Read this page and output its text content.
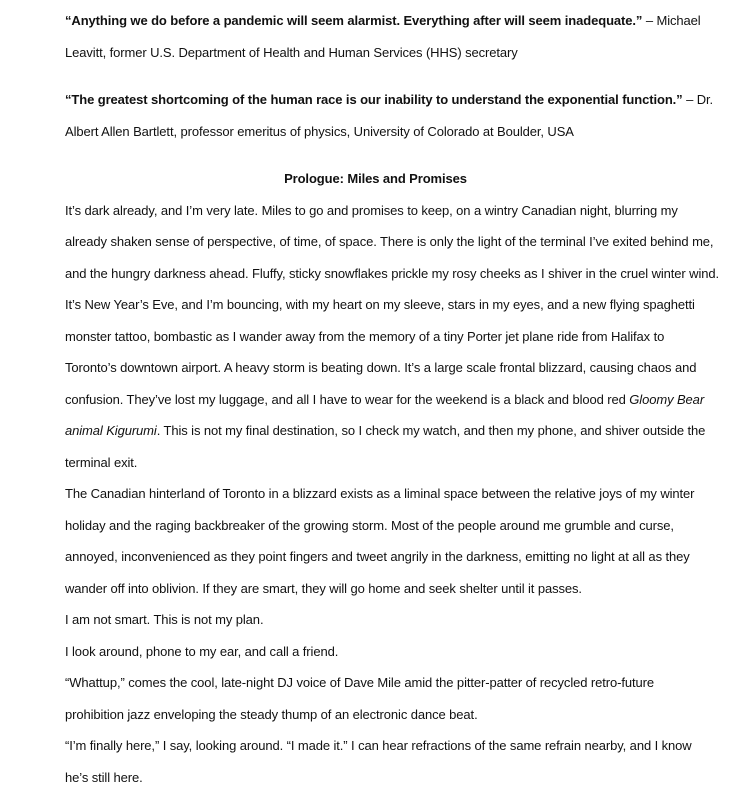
“Anything we do before a pandemic will seem alarmist. Everything after will seem inadequate.” – Michael
Leavitt, former U.S. Department of Health and Human Services (HHS) secretary
“The greatest shortcoming of the human race is our inability to understand the exponential function.” – Dr.
Albert Allen Bartlett, professor emeritus of physics, University of Colorado at Boulder, USA
Prologue: Miles and Promises
It’s dark already, and I’m very late. Miles to go and promises to keep, on a wintry Canadian night, blurring my
already shaken sense of perspective, of time, of space. There is only the light of the terminal I’ve exited behind me,
and the hungry darkness ahead. Fluffy, sticky snowflakes prickle my rosy cheeks as I shiver in the cruel winter wind.
It’s New Year’s Eve, and I’m bouncing, with my heart on my sleeve, stars in my eyes, and a new flying spaghetti
monster tattoo, bombastic as I wander away from the memory of a tiny Porter jet plane ride from Halifax to
Toronto’s downtown airport. A heavy storm is beating down. It’s a large scale frontal blizzard, causing chaos and
confusion. They’ve lost my luggage, and all I have to wear for the weekend is a black and blood red Gloomy Bear
animal Kigurumi. This is not my final destination, so I check my watch, and then my phone, and shiver outside the
terminal exit.
The Canadian hinterland of Toronto in a blizzard exists as a liminal space between the relative joys of my winter
holiday and the raging backbreaker of the growing storm. Most of the people around me grumble and curse,
annoyed, inconvenienced as they point fingers and tweet angrily in the darkness, emitting no light at all as they
wander off into oblivion. If they are smart, they will go home and seek shelter until it passes.
I am not smart. This is not my plan.
I look around, phone to my ear, and call a friend.
“Whattup,” comes the cool, late-night DJ voice of Dave Mile amid the pitter-patter of recycled retro-future
prohibition jazz enveloping the steady thump of an electronic dance beat.
“I’m finally here,” I say, looking around. “I made it.” I can hear refractions of the same refrain nearby, and I know
he’s still here.
